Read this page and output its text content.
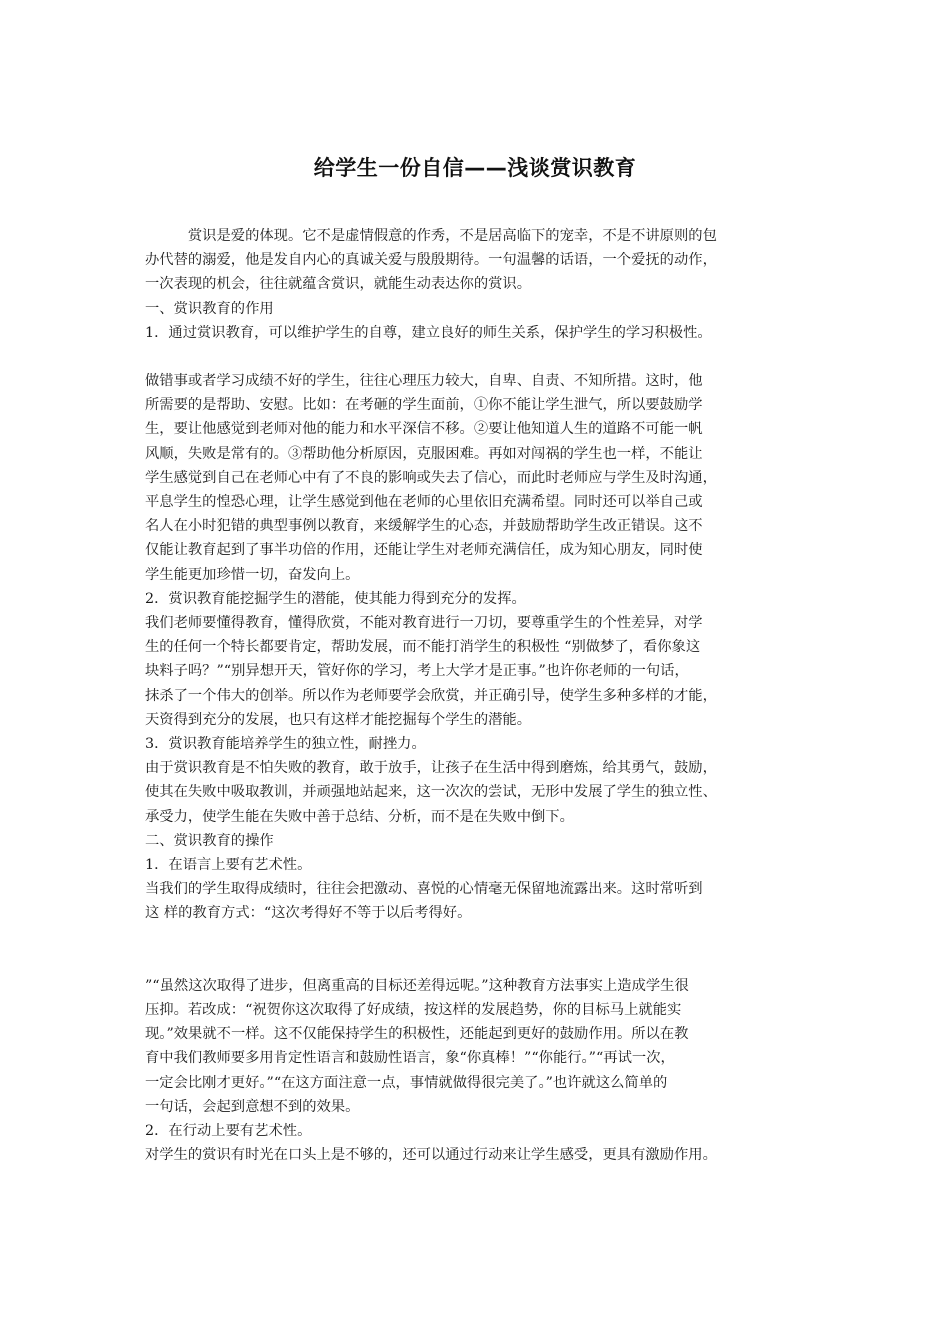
给学生一份自信——浅谈赏识教育

　　　赏识是爱的体现。它不是虚情假意的作秀，不是居高临下的宠幸，不是不讲原则的包

办代替的溺爱，他是发自内心的真诚关爱与殷殷期待。一句温馨的话语，一个爱抚的动作，

一次表现的机会，往往就蕴含赏识，就能生动表达你的赏识。

一、赏识教育的作用

1．通过赏识教育，可以维护学生的自尊，建立良好的师生关系，保护学生的学习积极性。

做错事或者学习成绩不好的学生，往往心理压力较大，自卑、自责、不知所措。这时，他

所需要的是帮助、安慰。比如：在考砸的学生面前，①你不能让学生泄气，所以要鼓励学

生，要让他感觉到老师对他的能力和水平深信不移。②要让他知道人生的道路不可能一帆

风顺，失败是常有的。③帮助他分析原因，克服困难。再如对闯祸的学生也一样，不能让

学生感觉到自己在老师心中有了不良的影响或失去了信心，而此时老师应与学生及时沟通，

平息学生的惶恐心理，让学生感觉到他在老师的心里依旧充满希望。同时还可以举自己或

名人在小时犯错的典型事例以教育，来缓解学生的心态，并鼓励帮助学生改正错误。这不

仅能让教育起到了事半功倍的作用，还能让学生对老师充满信任，成为知心朋友，同时使

学生能更加珍惜一切，奋发向上。

2．赏识教育能挖掘学生的潜能，使其能力得到充分的发挥。

我们老师要懂得教育，懂得欣赏，不能对教育进行一刀切，要尊重学生的个性差异，对学

生的任何一个特长都要肯定，帮助发展，而不能打消学生的积极性 “别做梦了，看你象这

块料子吗？”“别异想开天，管好你的学习，考上大学才是正事。”也许你老师的一句话，

抹杀了一个伟大的创举。所以作为老师要学会欣赏，并正确引导，使学生多种多样的才能，

天资得到充分的发展，也只有这样才能挖掘每个学生的潜能。

3．赏识教育能培养学生的独立性，耐挫力。

由于赏识教育是不怕失败的教育，敢于放手，让孩子在生活中得到磨炼，给其勇气，鼓励，

使其在失败中吸取教训，并顽强地站起来，这一次次的尝试，无形中发展了学生的独立性、

承受力，使学生能在失败中善于总结、分析，而不是在失败中倒下。

二、赏识教育的操作

1．在语言上要有艺术性。

当我们的学生取得成绩时，往往会把激动、喜悦的心情毫无保留地流露出来。这时常听到

这 样的教育方式：“这次考得好不等于以后考得好。

”“虽然这次取得了进步，但离重高的目标还差得远呢。”这种教育方法事实上造成学生很

压抑。若改成：“祝贺你这次取得了好成绩，按这样的发展趋势，你的目标马上就能实

现。”效果就不一样。这不仅能保持学生的积极性，还能起到更好的鼓励作用。所以在教

育中我们教师要多用肯定性语言和鼓励性语言，象“你真棒！”“你能行。”“再试一次，

一定会比刚才更好。”“在这方面注意一点，事情就做得很完美了。”也许就这么简单的

一句话，会起到意想不到的效果。

2．在行动上要有艺术性。

对学生的赏识有时光在口头上是不够的，还可以通过行动来让学生感受，更具有激励作用。
